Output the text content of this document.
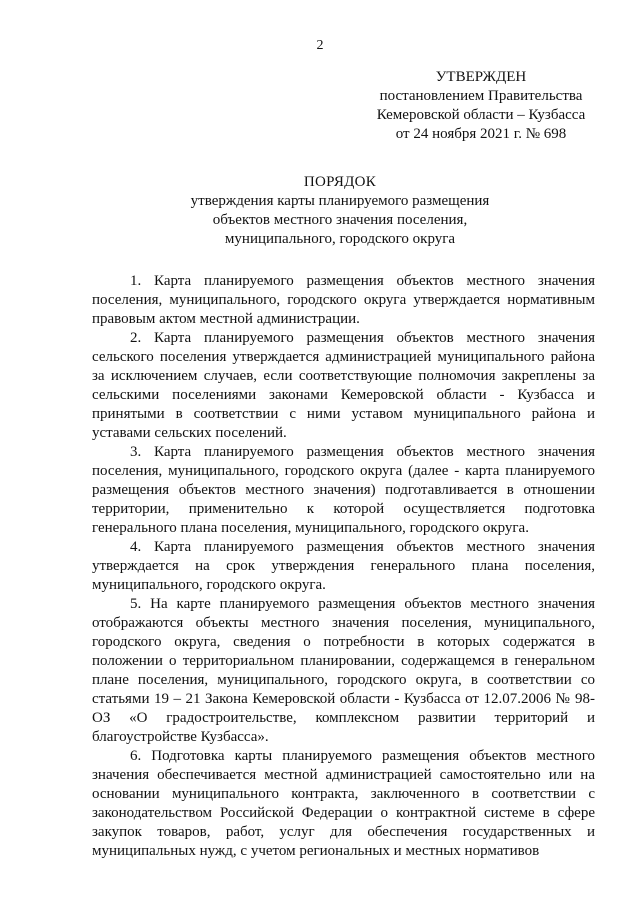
2
УТВЕРЖДЕН
постановлением Правительства
Кемеровской области – Кузбасса
от 24 ноября 2021 г. № 698
ПОРЯДОК
утверждения карты планируемого размещения
объектов местного значения поселения,
муниципального, городского округа

1. Карта планируемого размещения объектов местного значения поселения, муниципального, городского округа утверждается нормативным правовым актом местной администрации.

2. Карта планируемого размещения объектов местного значения сельского поселения утверждается администрацией муниципального района за исключением случаев, если соответствующие полномочия закреплены за сельскими поселениями законами Кемеровской области - Кузбасса и принятыми в соответствии с ними уставом муниципального района и уставами сельских поселений.

3. Карта планируемого размещения объектов местного значения поселения, муниципального, городского округа (далее - карта планируемого размещения объектов местного значения) подготавливается в отношении территории, применительно к которой осуществляется подготовка генерального плана поселения, муниципального, городского округа.

4. Карта планируемого размещения объектов местного значения утверждается на срок утверждения генерального плана поселения, муниципального, городского округа.

5. На карте планируемого размещения объектов местного значения отображаются объекты местного значения поселения, муниципального, городского округа, сведения о потребности в которых содержатся в положении о территориальном планировании, содержащемся в генеральном плане поселения, муниципального, городского округа, в соответствии со статьями 19 – 21 Закона Кемеровской области - Кузбасса от 12.07.2006 № 98-ОЗ «О градостроительстве, комплексном развитии территорий и благоустройстве Кузбасса».

6. Подготовка карты планируемого размещения объектов местного значения обеспечивается местной администрацией самостоятельно или на основании муниципального контракта, заключенного в соответствии с законодательством Российской Федерации о контрактной системе в сфере закупок товаров, работ, услуг для обеспечения государственных и муниципальных нужд, с учетом региональных и местных нормативов
